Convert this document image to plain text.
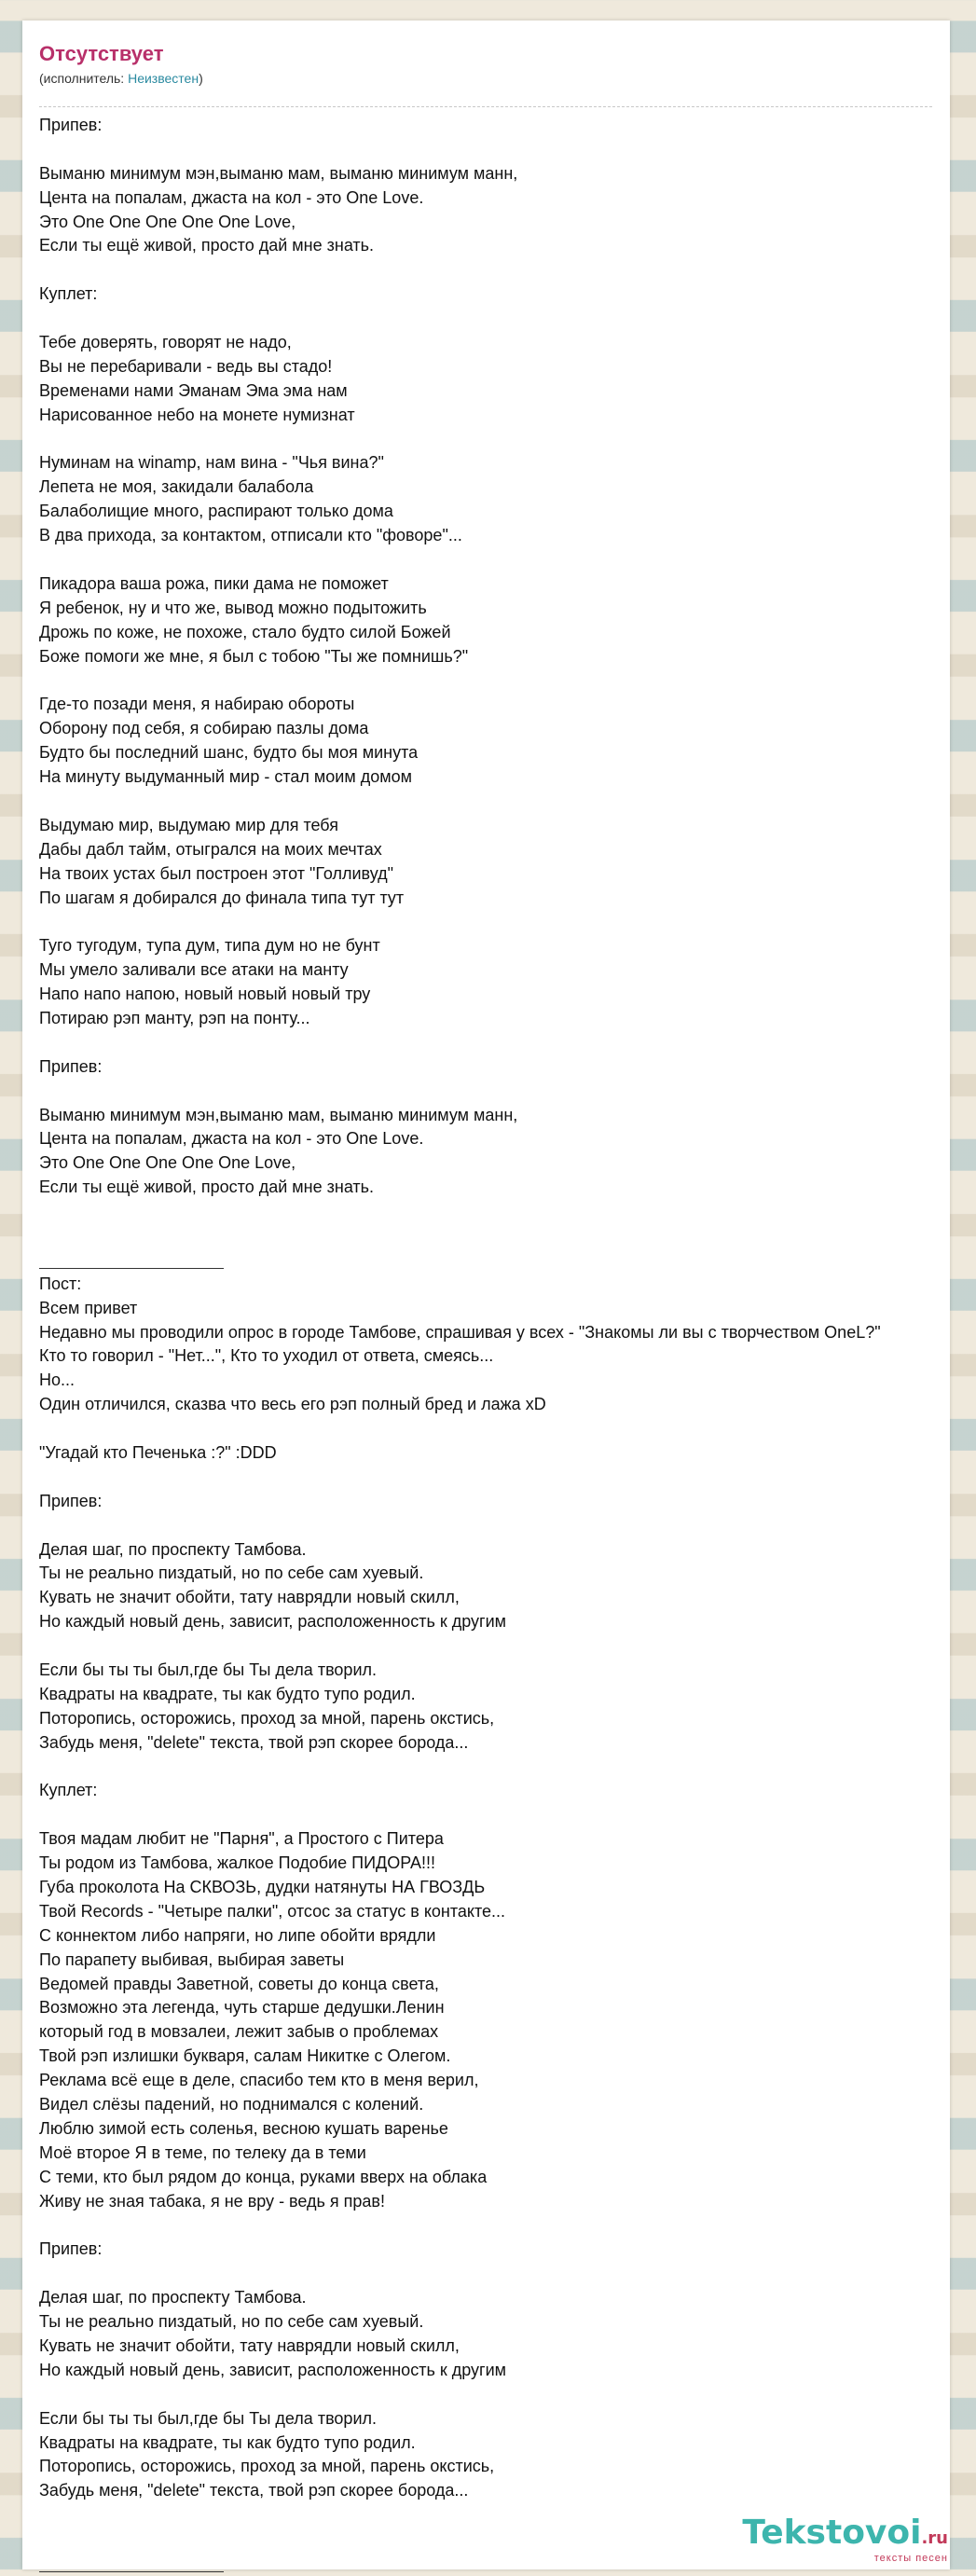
Отсутствует
(исполнитель: Неизвестен)
Припев:
Выманю минимум мэн,выманю мам, выманю минимум манн,
Цента на попалам, джаста на кол - это One Love.
Это One One One One One Love,
Если ты ещё живой, просто дай мне знать.
Куплет:
Тебе доверять, говорят не надо,
Вы не перебаривали - ведь вы стадо!
Временами нами Эманам Эма эма нам
Нарисованное небо на монете нумизнат
Нуминам на winamp, нам вина - "Чья вина?"
Лепета не моя, закидали балабола
Балаболищие много, распирают только дома
В два прихода, за контактом, отписали кто "фоворе"...
Пикадора ваша рожа, пики дама не поможет
Я ребенок, ну и что же, вывод можно подытожить
Дрожь по коже, не похоже, стало будто силой Божей
Боже помоги же мне, я был с тобою "Ты же помнишь?"
Где-то позади меня, я набираю обороты
Оборону под себя, я собираю пазлы дома
Будто бы последний шанс, будто бы моя минута
На минуту выдуманный мир - стал моим домом
Выдумаю мир, выдумаю мир для тебя
Дабы дабл тайм, отыгрался на моих мечтах
На твоих устах был построен этот "Голливуд"
По шагам я добирался до финала типа тут тут
Туго тугодум, тупа дум, типа дум но не бунт
Мы умело заливали все атаки на манту
Напо напо напою, новый новый новый тру
Потираю рэп манту, рэп на понту...
Припев:
Выманю минимум мэн,выманю мам, выманю минимум манн,
Цента на попалам, джаста на кол - это One Love.
Это One One One One One Love,
Если ты ещё живой, просто дай мне знать.
Пост:
Всем привет
Недавно мы проводили опрос в городе Тамбове, спрашивая у всех - "Знакомы ли вы с творчеством OneL?"
Кто то говорил - "Нет...", Кто то уходил от ответа, смеясь...
Но...
Один отличился, сказва что весь его рэп полный бред и лажа xD
"Угадай кто Печенька :?" :DDD
Припев:
Делая шаг, по проспекту Тамбова.
Ты не реально пиздатый, но по себе сам хуевый.
Кувать не значит обойти, тату наврядли новый скилл,
Но каждый новый день, зависит, расположенность к другим
Если бы ты ты был,где бы Ты дела творил.
Квадраты на квадрате, ты как будто тупо родил.
Поторопись, осторожись, проход за мной, парень окстись,
Забудь меня, "delete" текста, твой рэп скорее борода...
Куплет:
Твоя мадам любит не "Парня", а Простого с Питера
Ты родом из Тамбова, жалкое Подобие ПИДОРА!!!
Губа проколота На СКВОЗЬ, дудки натянуты НА ГВОЗДЬ
Твой Records - "Четыре палки", отсос за статус в контакте...
С коннектом либо напряги, но липе обойти врядли
По парапету выбивая, выбирая заветы
Ведомей правды Заветной, советы до конца света,
Возможно эта легенда, чуть старше дедушки.Ленин
который год в мовзалеи, лежит забыв о проблемах
Твой рэп излишки букваря, салам Никитке с Олегом.
Реклама всё еще в деле, спасибо тем кто в меня верил,
Видел слёзы падений, но поднимался с колений.
Люблю зимой есть соленья, весною кушать варенье
Моё второе Я в теме, по телеку да в теми
С теми, кто был рядом до конца, руками вверх на облака
Живу не зная табака, я не вру - ведь я прав!
Припев:
Делая шаг, по проспекту Тамбова.
Ты не реально пиздатый, но по себе сам хуевый.
Кувать не значит обойти, тату наврядли новый скилл,
Но каждый новый день, зависит, расположенность к другим
Если бы ты ты был,где бы Ты дела творил.
Квадраты на квадрате, ты как будто тупо родил.
Поторопись, осторожись, проход за мной, парень окстись,
Забудь меня, "delete" текста, твой рэп скорее борода...
Tekstovoi.ru
тексты песен
